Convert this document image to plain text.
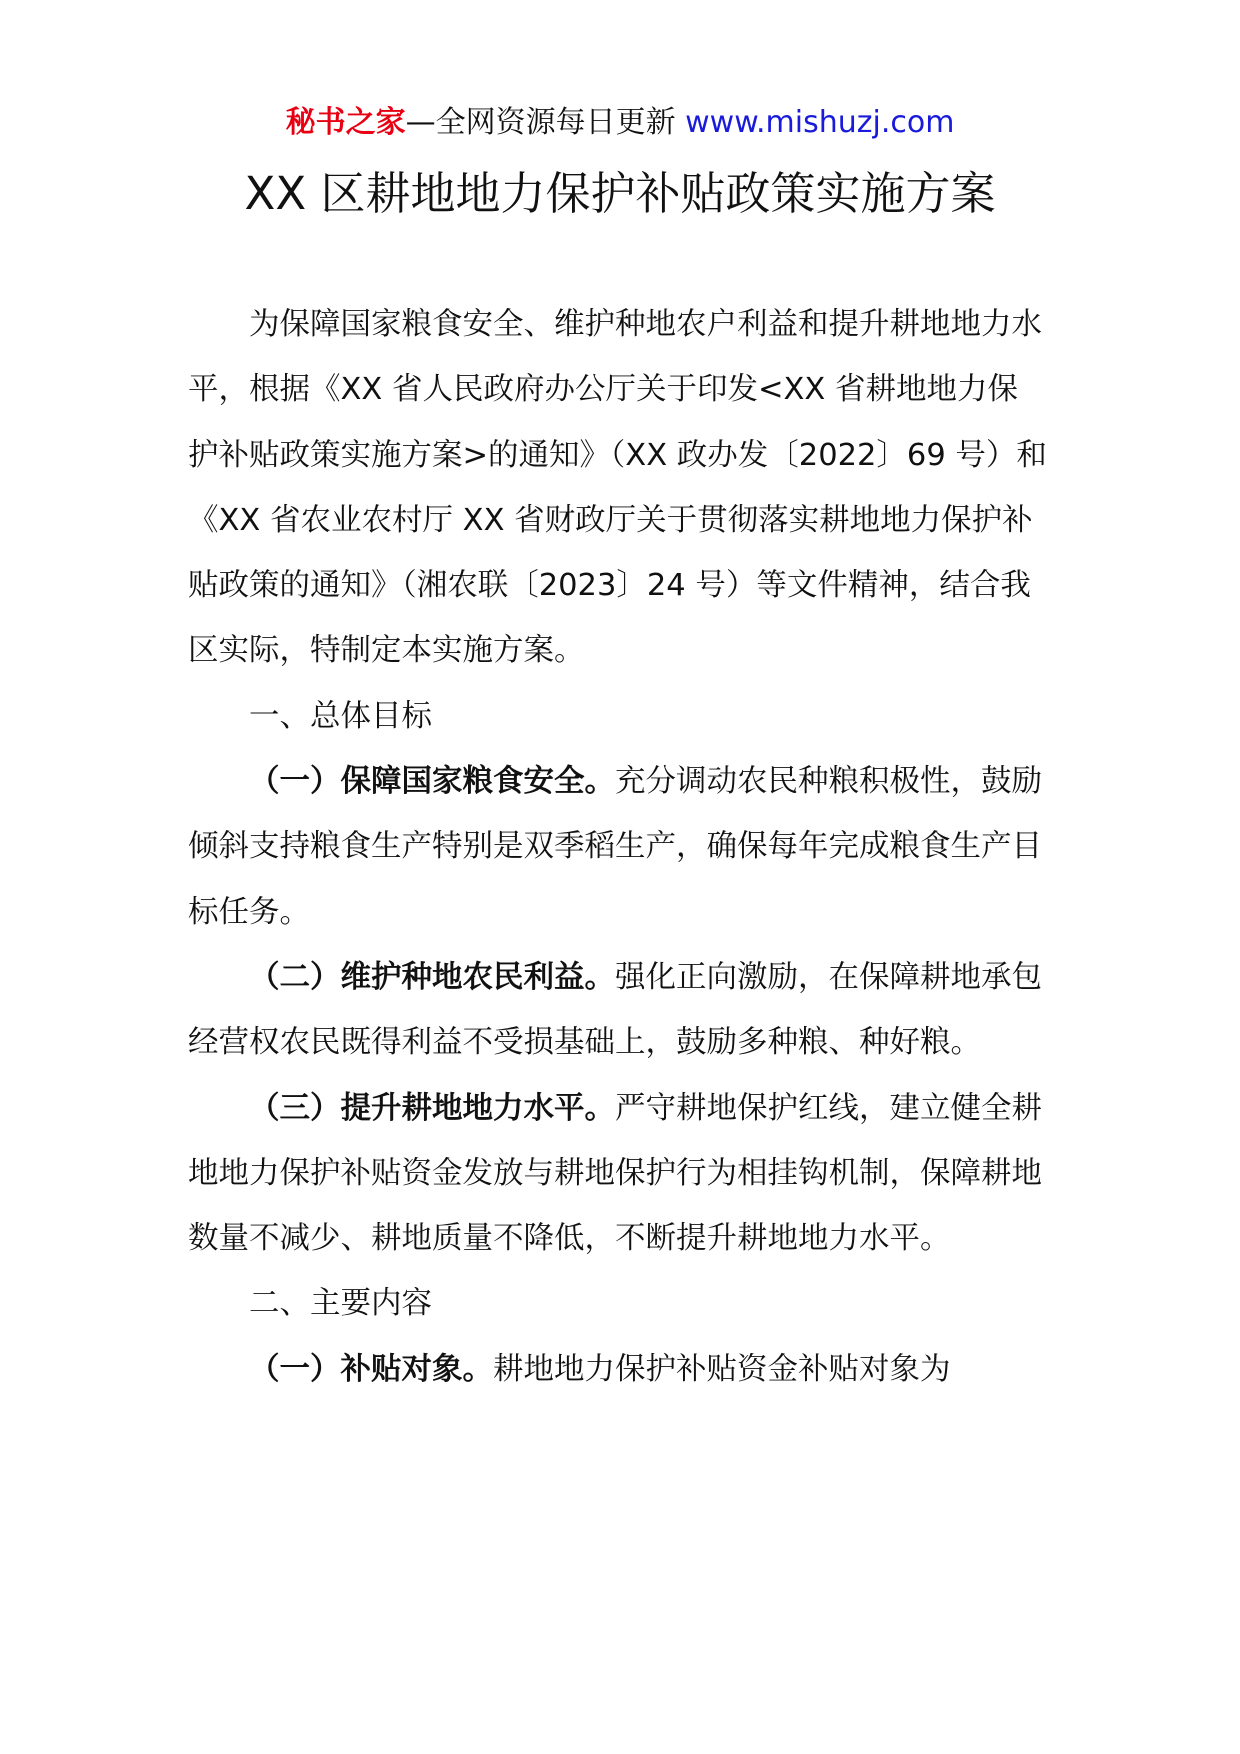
秘书之家—全网资源每日更新 www.mishuzj.com
XX 区耕地地力保护补贴政策实施方案

为保障国家粮食安全、维护种地农户利益和提升耕地地力水平，根据《XX 省人民政府办公厅关于印发<XX 省耕地地力保护补贴政策实施方案>的通知》（XX 政办发〔2022〕69 号）和《XX 省农业农村厅 XX 省财政厅关于贯彻落实耕地地力保护补贴政策的通知》（湘农联〔2023〕24 号）等文件精神，结合我区实际，特制定本实施方案。

一、总体目标

（一）保障国家粮食安全。充分调动农民种粮积极性，鼓励倾斜支持粮食生产特别是双季稻生产，确保每年完成粮食生产目标任务。

（二）维护种地农民利益。强化正向激励，在保障耕地承包经营权农民既得利益不受损基础上，鼓励多种粮、种好粮。

（三）提升耕地地力水平。严守耕地保护红线，建立健全耕地地力保护补贴资金发放与耕地保护行为相挂钩机制，保障耕地数量不减少、耕地质量不降低，不断提升耕地地力水平。

二、主要内容

（一）补贴对象。耕地地力保护补贴资金补贴对象为
